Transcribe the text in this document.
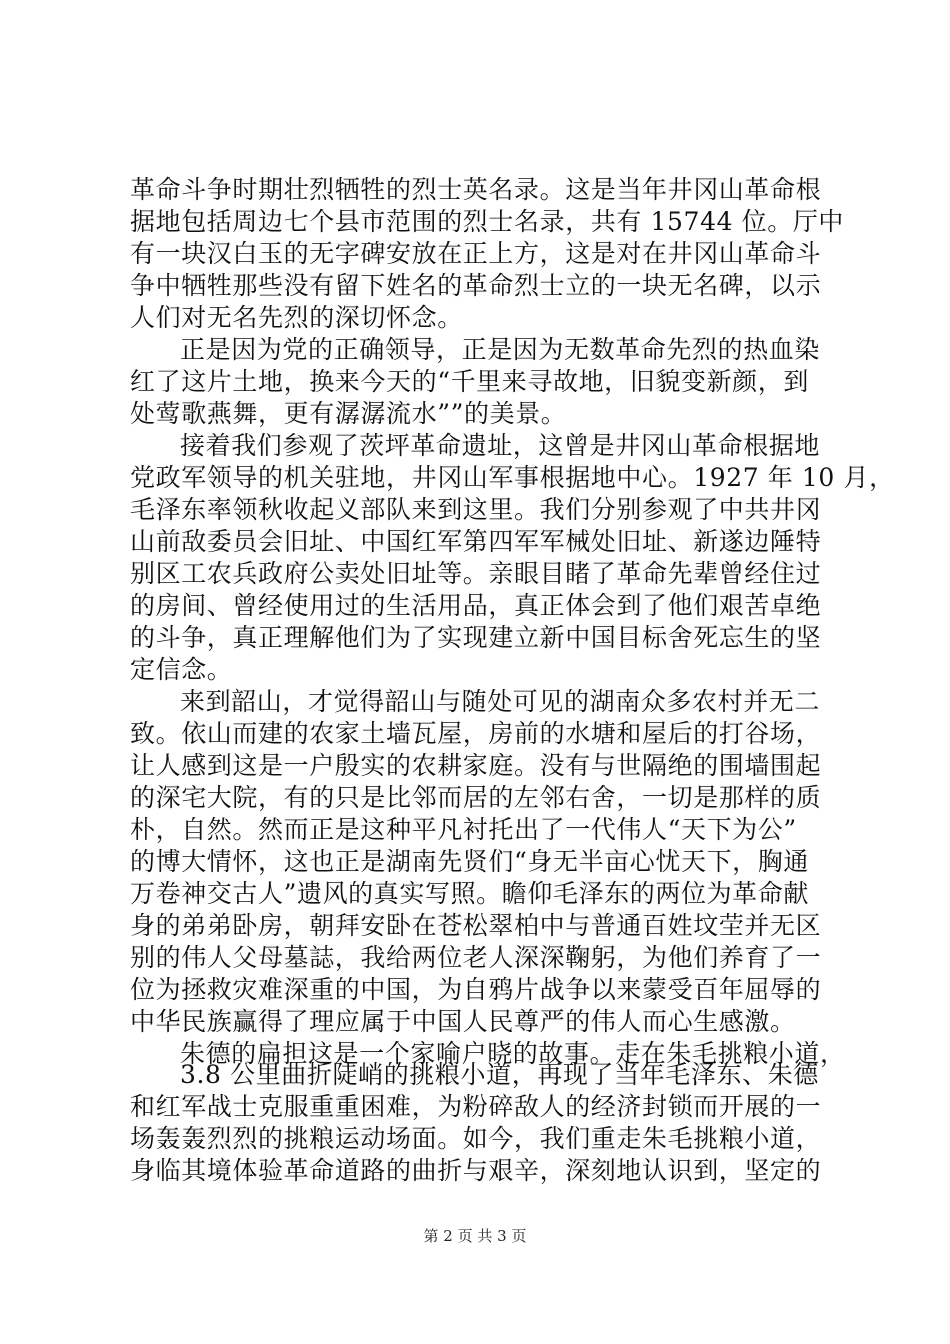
革命斗争时期壮烈牺牲的烈士英名录。这是当年井冈山革命根
据地包括周边七个县市范围的烈士名录，共有 15744 位。厅中
有一块汉白玉的无字碑安放在正上方，这是对在井冈山革命斗
争中牺牲那些没有留下姓名的革命烈士立的一块无名碑，以示
人们对无名先烈的深切怀念。
正是因为党的正确领导，正是因为无数革命先烈的热血染
红了这片土地，换来今天的“千里来寻故地，旧貌变新颜，到
处莺歌燕舞，更有潺潺流水””的美景。
接着我们参观了茨坪革命遗址，这曾是井冈山革命根据地
党政军领导的机关驻地，井冈山军事根据地中心。1927 年 10 月，
毛泽东率领秋收起义部队来到这里。我们分别参观了中共井冈
山前敌委员会旧址、中国红军第四军军械处旧址、新遂边陲特
别区工农兵政府公卖处旧址等。亲眼目睹了革命先辈曾经住过
的房间、曾经使用过的生活用品，真正体会到了他们艰苦卓绝
的斗争，真正理解他们为了实现建立新中国目标舍死忘生的坚
定信念。
来到韶山，才觉得韶山与随处可见的湖南众多农村并无二
致。依山而建的农家土墙瓦屋，房前的水塘和屋后的打谷场，
让人感到这是一户殷实的农耕家庭。没有与世隔绝的围墙围起
的深宅大院，有的只是比邻而居的左邻右舍，一切是那样的质
朴，自然。然而正是这种平凡衬托出了一代伟人“天下为公”
的博大情怀，这也正是湖南先贤们“身无半亩心忧天下，胸通
万卷神交古人”遗风的真实写照。瞻仰毛泽东的两位为革命献
身的弟弟卧房，朝拜安卧在苍松翠柏中与普通百姓坟茔并无区
别的伟人父母墓誌，我给两位老人深深鞠躬，为他们养育了一
位为拯救灾难深重的中国，为自鸦片战争以来蒙受百年屈辱的
中华民族赢得了理应属于中国人民尊严的伟人而心生感激。
朱德的扁担这是一个家喻户晓的故事。走在朱毛挑粮小道，
3.8 公里曲折陡峭的挑粮小道，再现了当年毛泽东、朱德
和红军战士克服重重困难，为粉碎敌人的经济封锁而开展的一
场轰轰烈烈的挑粮运动场面。如今，我们重走朱毛挑粮小道，
身临其境体验革命道路的曲折与艰辛，深刻地认识到，坚定的
第 2 页 共 3 页
